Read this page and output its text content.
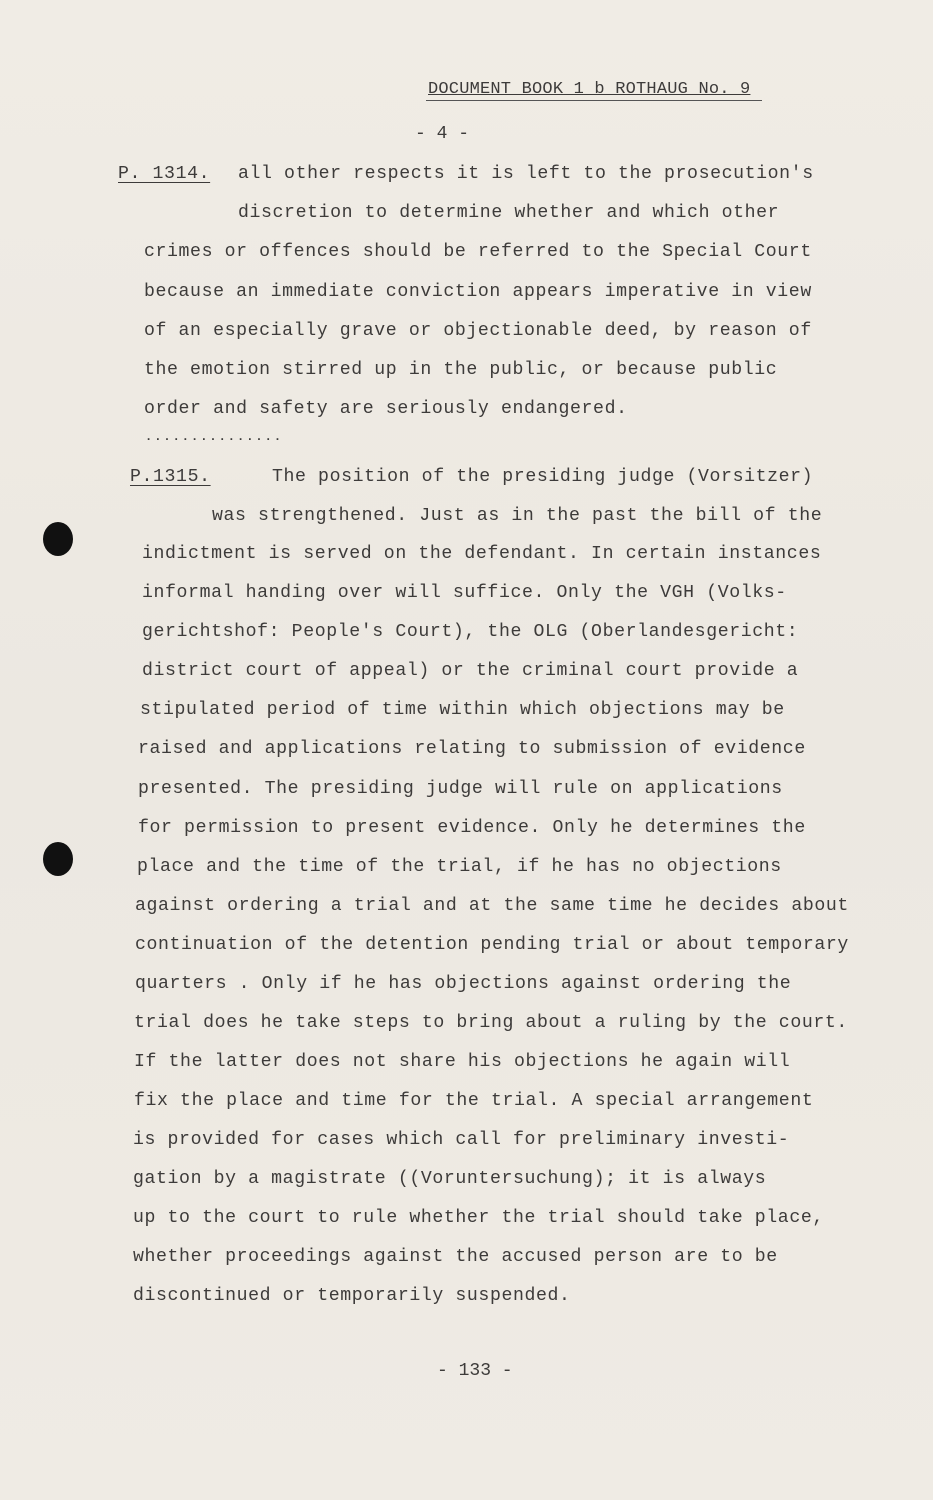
DOCUMENT BOOK 1 b ROTHAUG No. 9
- 4 -
P. 1314. all other respects it is left to the prosecution's
discretion to determine whether and which other
crimes or offences should be referred to the Special Court
because an immediate conviction appears imperative in view
of an especially grave or objectionable deed, by reason of
the emotion stirred up in the public, or because public
order and safety are seriously endangered.
...............
P.1315.	The position of the presiding judge (Vorsitzer)
was strengthened. Just as in the past the bill of the
indictment is served on the defendant. In certain instances
informal handing over will suffice. Only the VGH (Volks-
gerichtshof: People's Court), the OLG (Oberlandesgericht:
district court of appeal) or the criminal court provide a
stipulated period of time within which objections may be
raised and applications relating to submission of evidence
presented. The presiding judge will rule on applications
for permission to present evidence. Only he determines the
place and the time of the trial, if he has no objections
against ordering a trial and at the same time he decides about
continuation of the detention pending trial or about temporary
quarters . Only if he has objections against ordering the
trial does he take steps to bring about a ruling by the court.
If the latter does not share his objections he again will
fix the place and time for the trial. A special arrangement
is provided for cases which call for preliminary investi-
gation by a magistrate ((Voruntersuchung); it is always
up to the court to rule whether the trial should take place,
whether proceedings against the accused person are to be
discontinued or temporarily suspended.
- 133 -
